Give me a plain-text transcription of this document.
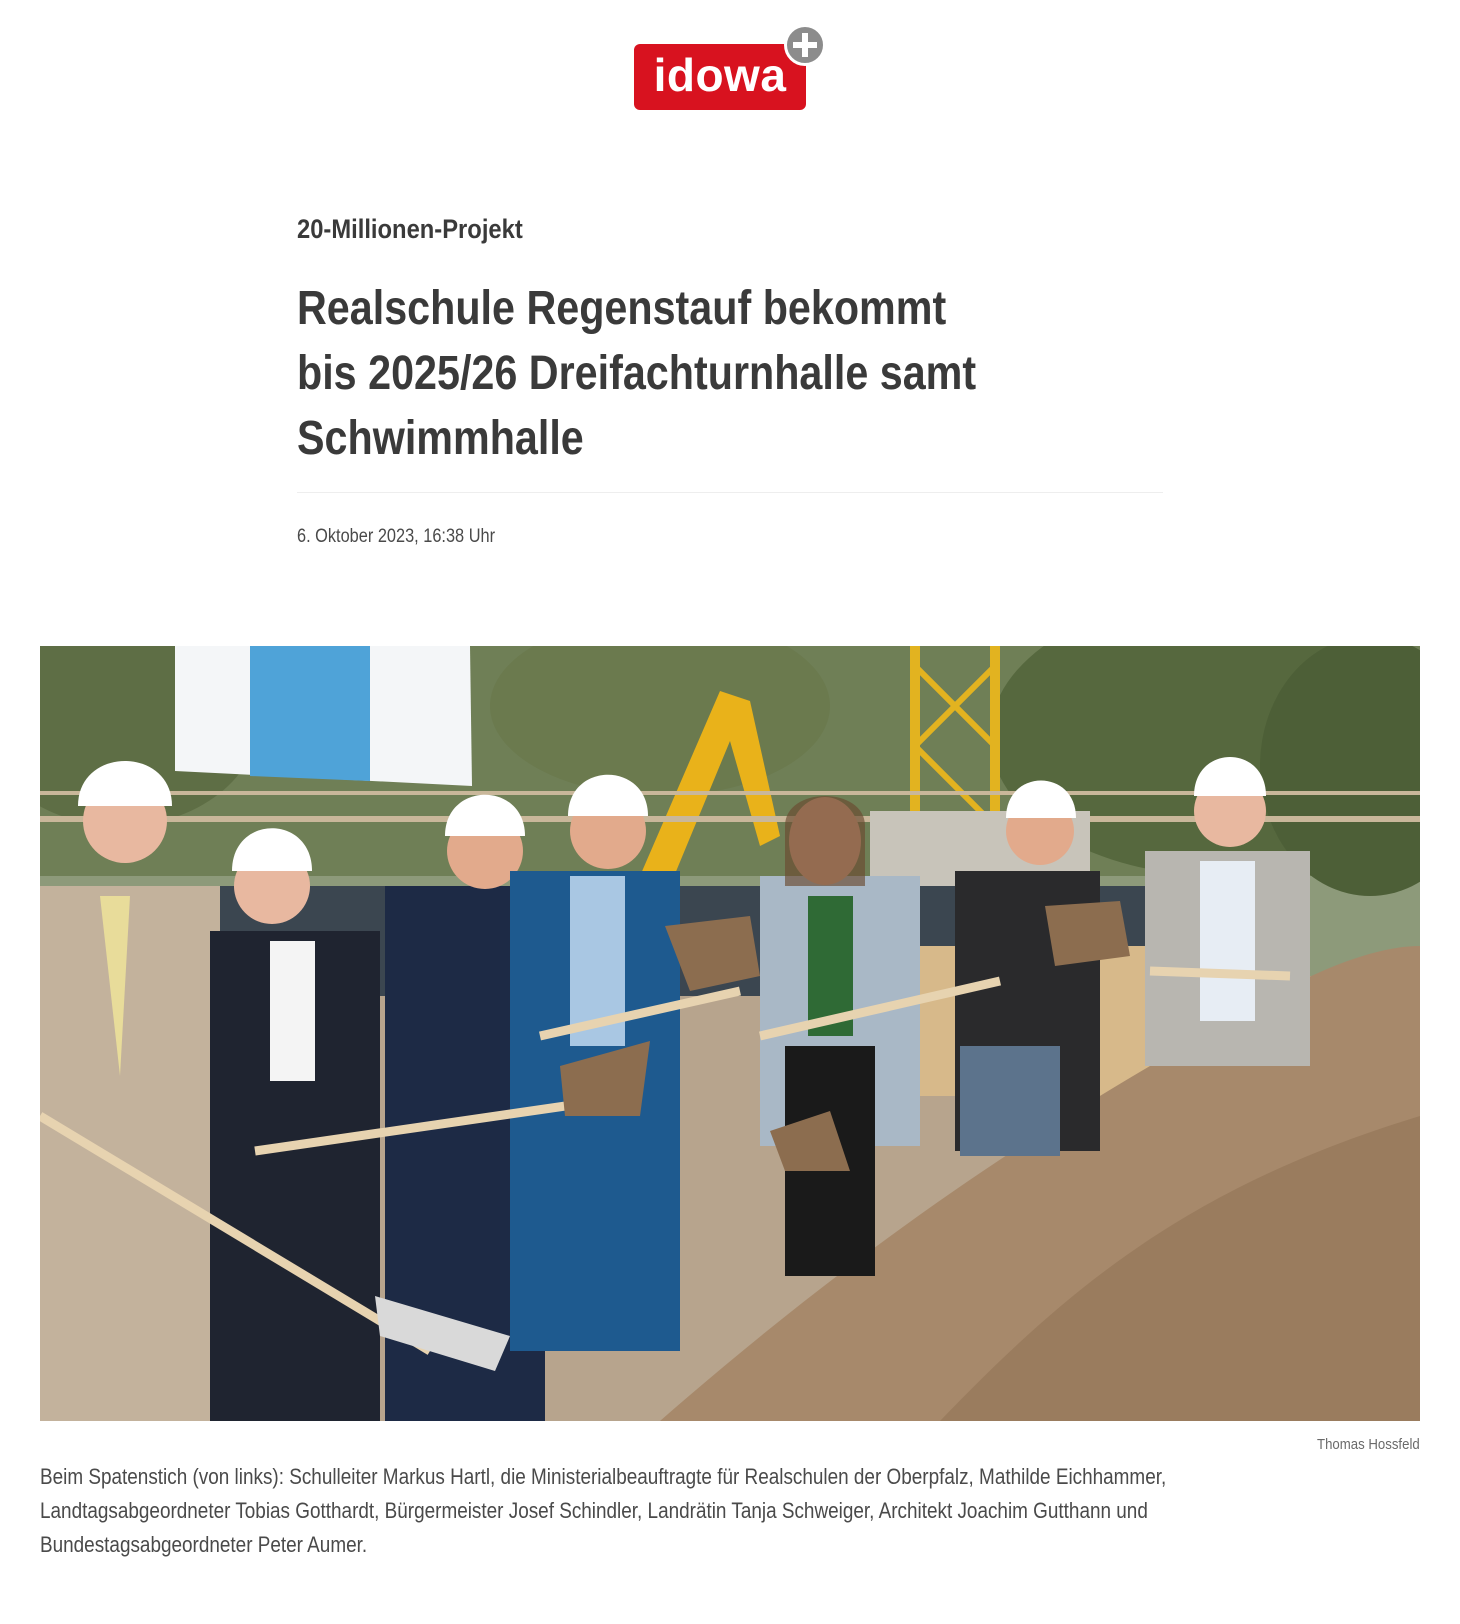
idowa
20-Millionen-Projekt
Realschule Regenstauf bekommt bis 2025/26 Dreifachturnhalle samt Schwimmhalle
6. Oktober 2023, 16:38 Uhr
Thomas Hossfeld

Beim Spatenstich (von links): Schulleiter Markus Hartl, die Ministerialbeauftragte für Realschulen der Oberpfalz, Mathilde Eichhammer, Landtagsabgeordneter Tobias Gotthardt, Bürgermeister Josef Schindler, Landrätin Tanja Schweiger, Architekt Joachim Gutthann und Bundestagsabgeordneter Peter Aumer.
